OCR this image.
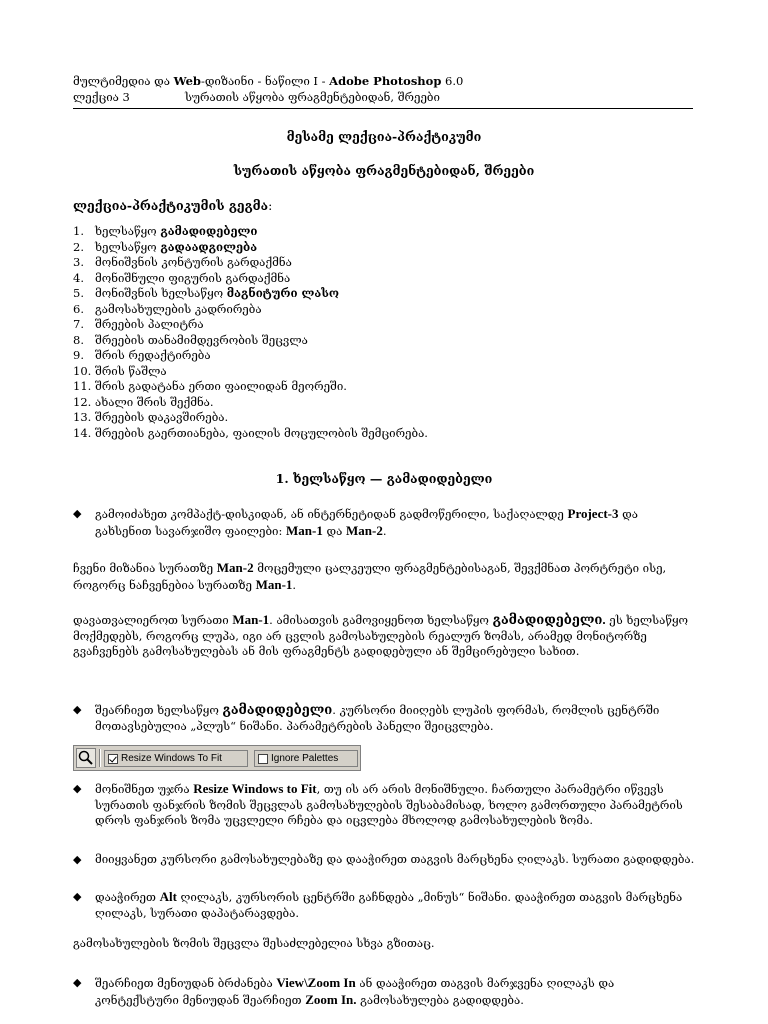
მულტიმედია და Web-დიზაინი - ნაწილი I - Adobe Photoshop 6.0
ლექცია 3	სურათის აწყობა ფრაგმენტებიდან, შრეები
მესამე ლექცია-პრაქტიკუმი
სურათის აწყობა ფრაგმენტებიდან, შრეები
ლექცია-პრაქტიკუმის გეგმა:
1. ხელსაწყო გამადიდებელი
2. ხელსაწყო გადაადგილება
3. მონიშვნის კონტურის გარდაქმნა
4. მონიშნული ფიგურის გარდაქმნა
5. მონიშვნის ხელსაწყო მაგნიტური ლასო
6. გამოსახულების კადრირება
7. შრეების პალიტრა
8. შრეების თანამიმდევრობის შეცვლა
9. შრის რედაქტირება
10. შრის წაშლა
11. შრის გადატანა ერთი ფაილიდან მეორეში.
12. ახალი შრის შექმნა.
13. შრეების დაკავშირება.
14. შრეების გაერთიანება, ფაილის მოცულობის შემცირება.
1. ხელსაწყო — გამადიდებელი
◆ გამოიძახეთ კომპაქტ-დისკიდან, ან ინტერნეტიდან გადმოწერილი, საქაღალდე Project-3 და გახსენით სავარჯიშო ფაილები: Man-1 და Man-2.
ჩვენი მიზანია სურათზე Man-2 მოცემული ცალკეული ფრაგმენტებისაგან, შევქმნათ პორტრეტი ისე, როგორც ნაჩვენებია სურათზე Man-1.
დავათვალიეროთ სურათი Man-1. ამისათვის გამოვიყენოთ ხელსაწყო გამადიდებელი. ეს ხელსაწყო მოქმედებს, როგორც ლუპა, იგი არ ცვლის გამოსახულების რეალურ ზომას, არამედ მონიტორზე გვაჩვენებს გამოსახულებას ან მის ფრაგმენტს გადიდებული ან შემცირებული სახით.
◆ შეარჩიეთ ხელსაწყო გამადიდებელი. კურსორი მიიღებს ლუპის ფორმას, რომლის ცენტრში მოთავსებულია „პლუს“ ნიშანი. პარამეტრების პანელი შეიცვლება.
Resize Windows To Fit	Ignore Palettes
◆ მონიშნეთ უჯრა Resize Windows to Fit, თუ ის არ არის მონიშნული. ჩართული პარამეტრი იწვევს სურათის ფანჯრის ზომის შეცვლას გამოსახულების შესაბამისად, ხოლო გამორთული პარამეტრის დროს ფანჯრის ზომა უცვლელი რჩება და იცვლება მხოლოდ გამოსახულების ზომა.
◆ მიიყვანეთ კურსორი გამოსახულებაზე და დააჭირეთ თაგვის მარცხენა ღილაკს. სურათი გადიდდება.
◆ დააჭირეთ Alt ღილაკს, კურსორის ცენტრში გაჩნდება „მინუს“ ნიშანი. დააჭირეთ თაგვის მარცხენა ღილაკს, სურათი დაპატარავდება.
გამოსახულების ზომის შეცვლა შესაძლებელია სხვა გზითაც.
◆ შეარჩიეთ მენიუდან ბრძანება View\Zoom In ან დააჭირეთ თაგვის მარჯვენა ღილაკს და კონტექსტური მენიუდან შეარჩიეთ Zoom In. გამოსახულება გადიდდება.
